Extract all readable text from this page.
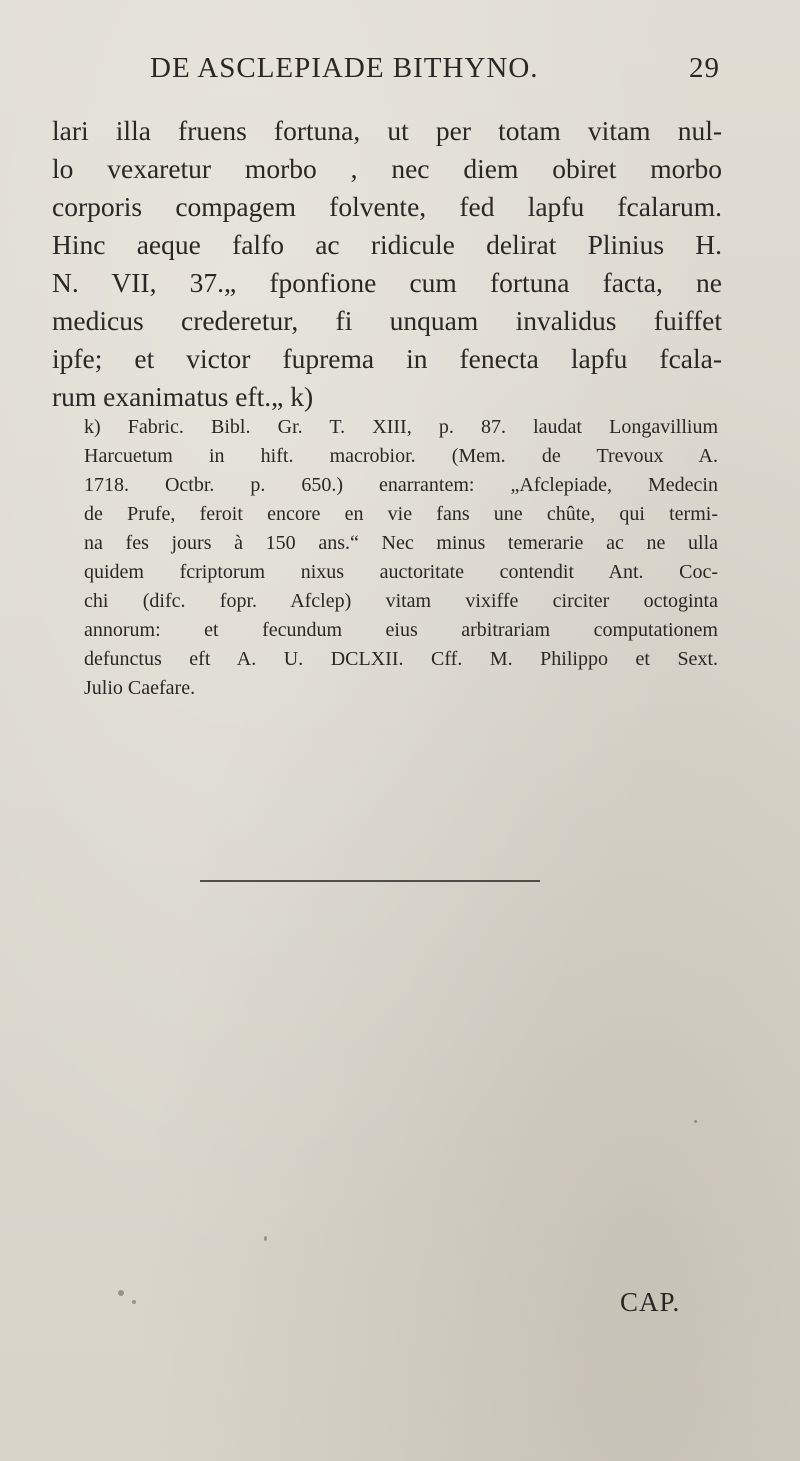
DE ASCLEPIADE BITHYNO.	29
lari illa fruens fortuna, ut per totam vitam nul-
lo vexaretur morbo , nec diem obiret morbo
corporis compagem folvente, fed lapfu fcalarum.
Hinc aeque falfo ac ridicule delirat Plinius H.
N. VII, 37.„ fponfione cum fortuna facta, ne
medicus crederetur, fi unquam invalidus fuiffet
ipfe; et victor fuprema in fenecta lapfu fcala-
rum exanimatus eft.„ k)
k) Fabric. Bibl. Gr. T. XIII, p. 87. laudat Longavillium
Harcuetum in hift. macrobior. (Mem. de Trevoux A.
1718. Octbr. p. 650.) enarrantem: „Afclepiade, Medecin
de Prufe, feroit encore en vie fans une chûte, qui termi-
na fes jours à 150 ans.“ Nec minus temerarie ac ne ulla
quidem fcriptorum nixus auctoritate contendit Ant. Coc-
chi (difc. fopr. Afclep) vitam vixiffe circiter octoginta
annorum: et fecundum eius arbitrariam computationem
defunctus eft A. U. DCLXII. Cff. M. Philippo et Sext.
Julio Caefare.
CAP.
